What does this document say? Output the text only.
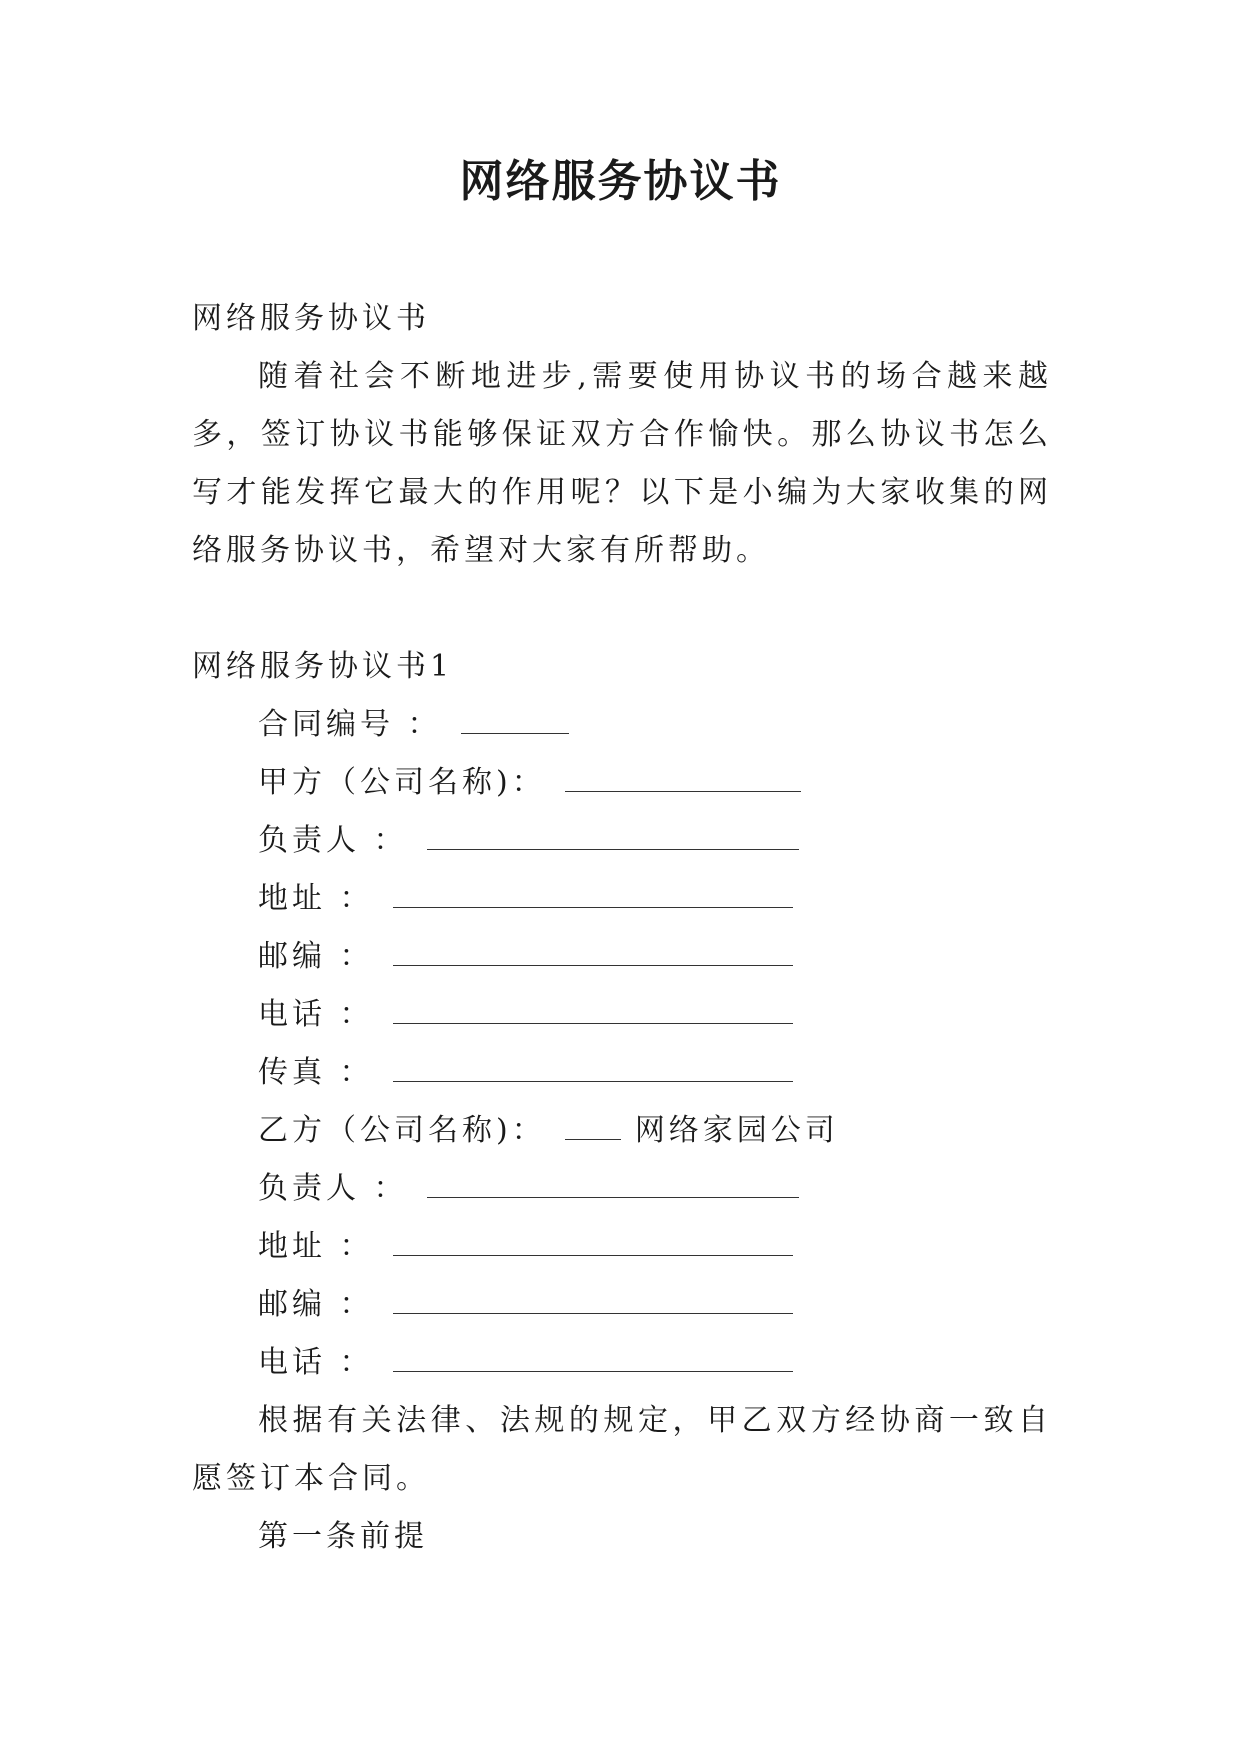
网络服务协议书
网络服务协议书
随着社会不断地进步,需要使用协议书的场合越来越多，签订协议书能够保证双方合作愉快。那么协议书怎么写才能发挥它最大的作用呢？以下是小编为大家收集的网络服务协议书，希望对大家有所帮助。
网络服务协议书1
合同编号 ：
甲方（公司名称)：
负责人 ：
地址 ：
邮编 ：
电话 ：
传真 ：
乙方（公司名称)：	网络家园公司
负责人 ：
地址 ：
邮编 ：
电话 ：
根据有关法律、法规的规定，甲乙双方经协商一致自愿签订本合同。
第一条前提
